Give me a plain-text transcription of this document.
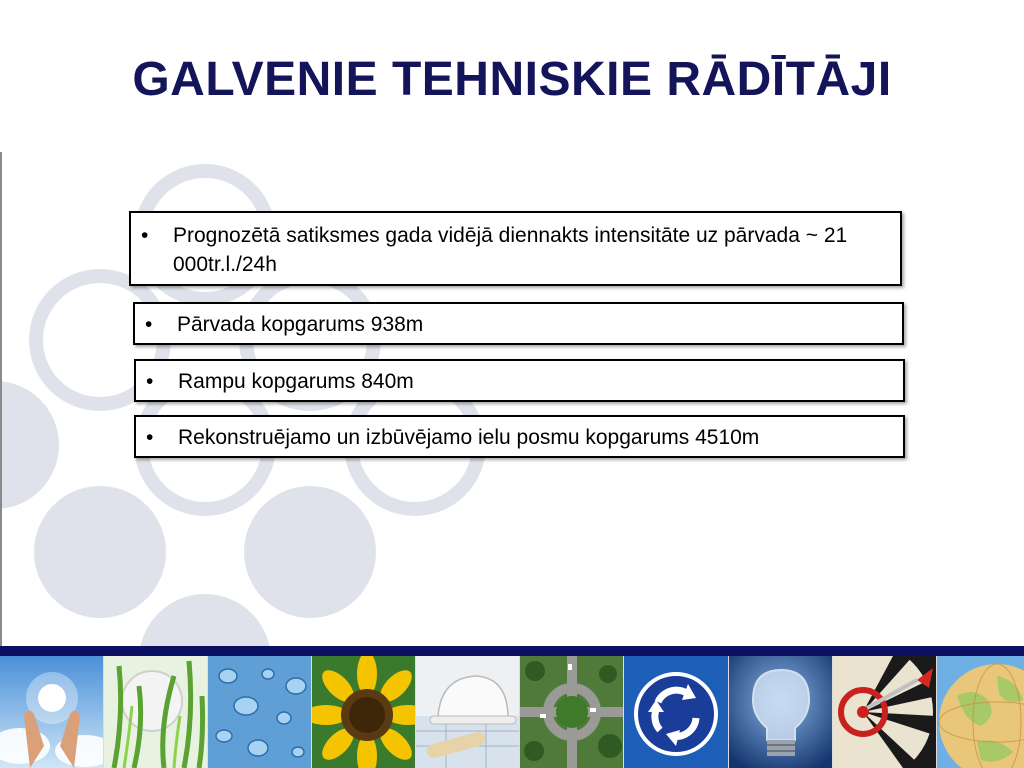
GALVENIE TEHNISKIE RĀDĪTĀJI
• Prognozētā satiksmes gada vidējā diennakts intensitāte uz pārvada ~ 21 000tr.l./24h
• Pārvada kopgarums 938m
• Rampu kopgarums 840m
• Rekonstruējamo un izbūvējamo ielu posmu kopgarums 4510m
